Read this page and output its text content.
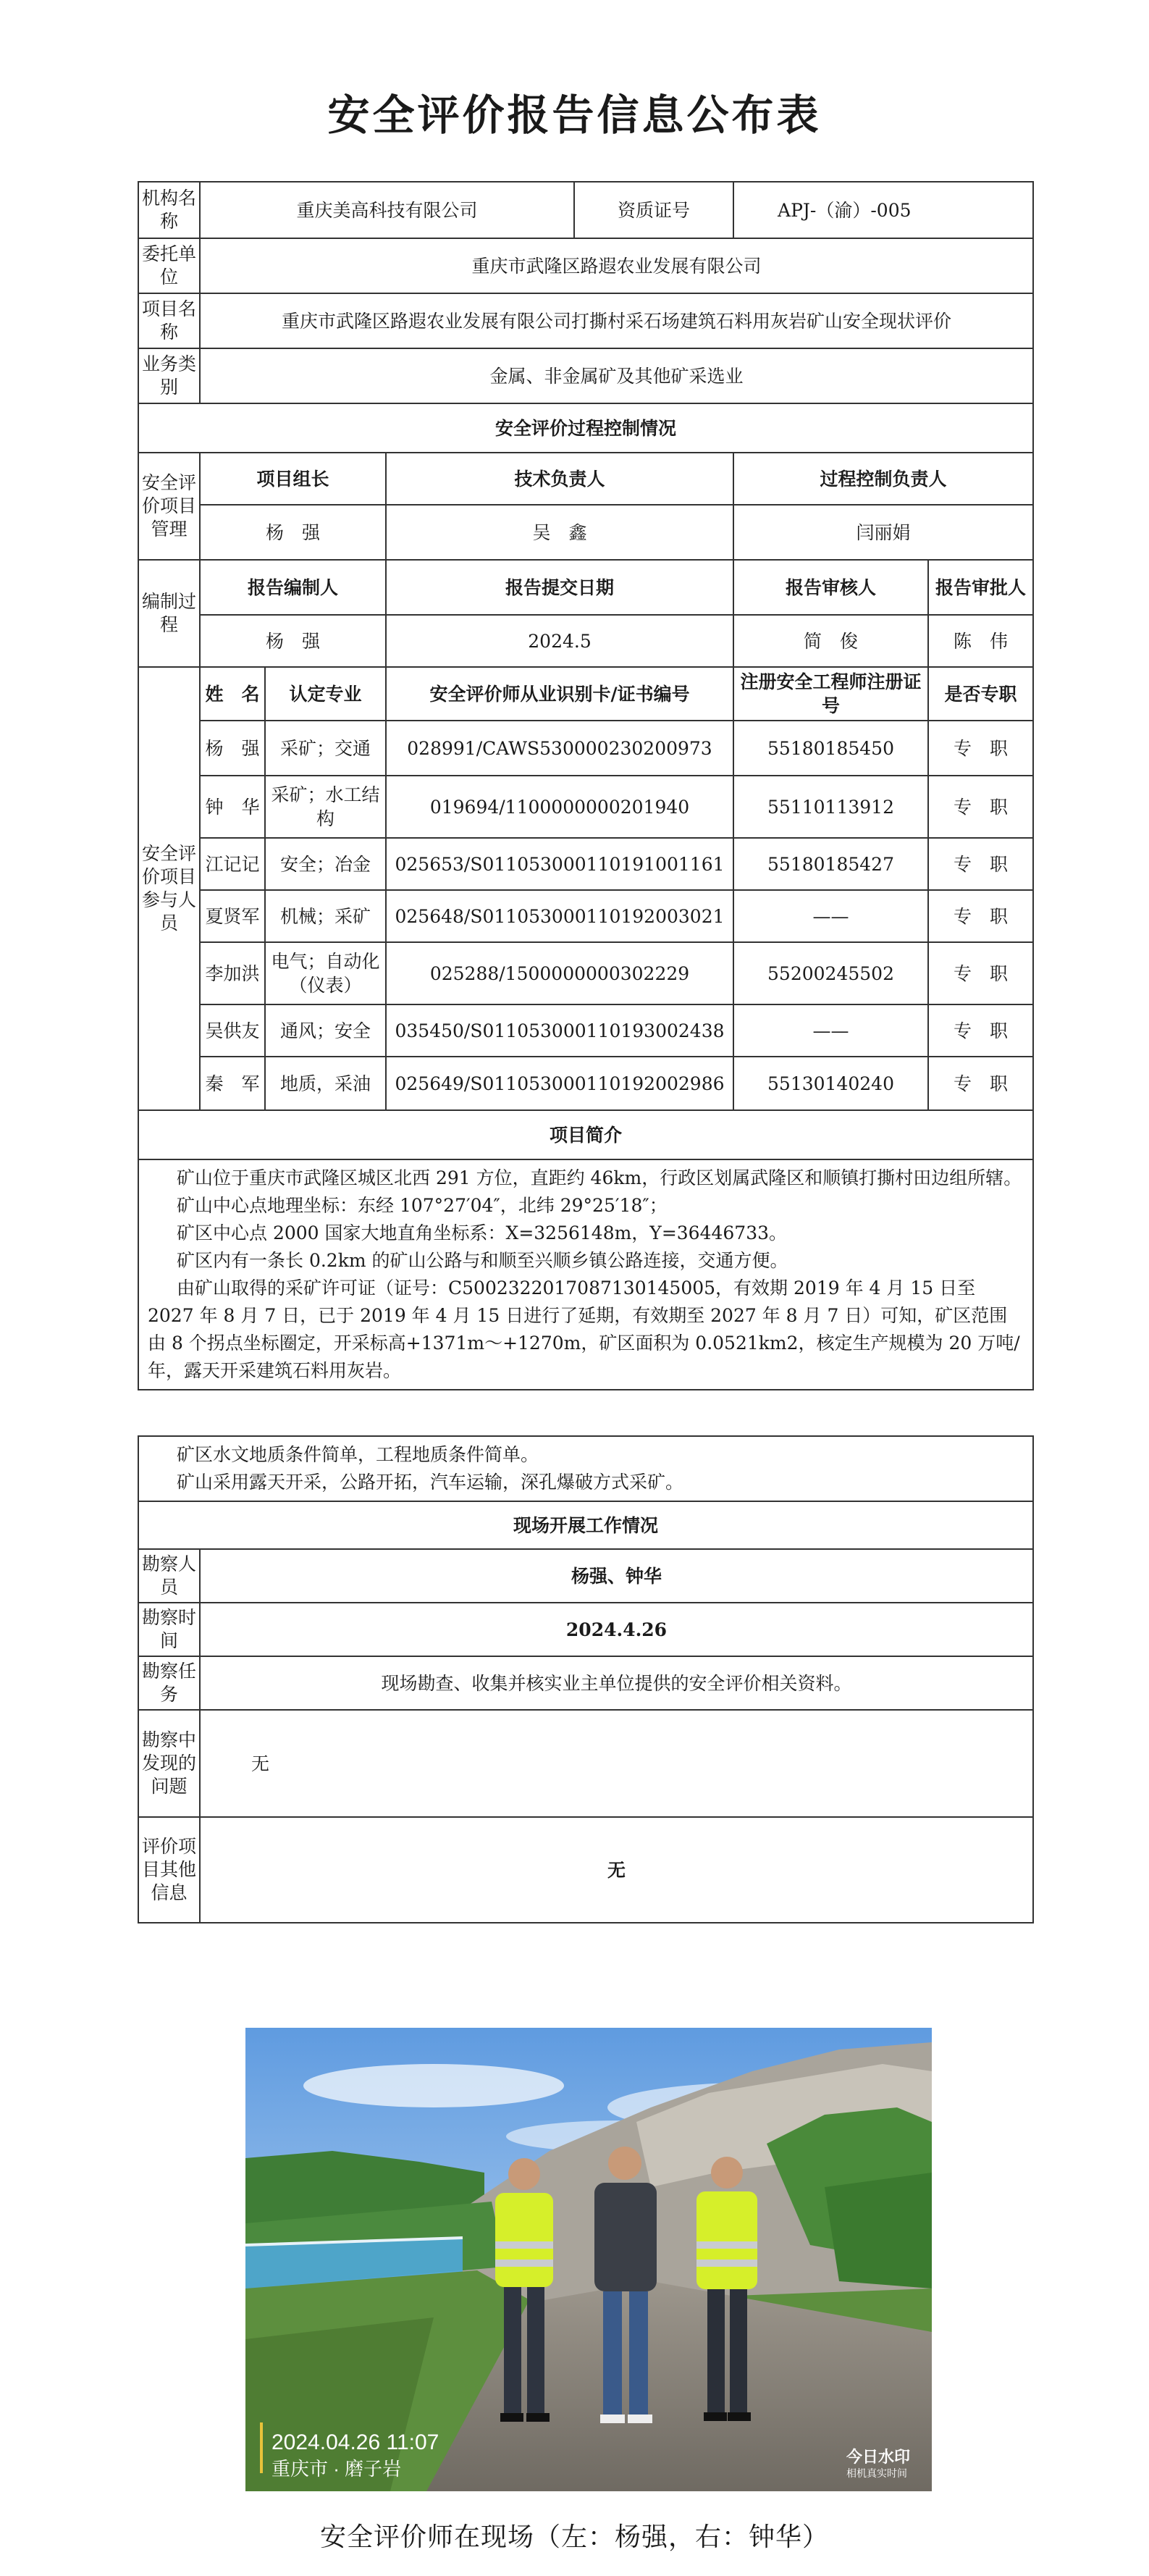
安全评价报告信息公布表
机构名称	重庆美高科技有限公司			资质证号	APJ-（渝）-005	
委托单位	重庆市武隆区路遐农业发展有限公司					
项目名称	重庆市武隆区路遐农业发展有限公司打撕村采石场建筑石料用灰岩矿山安全现状评价					
业务类别	金属、非金属矿及其他矿采选业					
安全评价过程控制情况						
安全评价项目管理	项目组长		技术负责人		过程控制负责人	
	杨　强		吴　鑫		闫丽娟	
编制过程	报告编制人		报告提交日期		报告审核人	报告审批人
	杨　强		2024.5		简　俊	陈　伟
安全评价项目参与人员	姓　名	认定专业	安全评价师从业识别卡/证书编号		注册安全工程师注册证号	是否专职
	杨　强	采矿；交通	028991/CAWS530000230200973		55180185450	专　职
	钟　华	采矿；水工结构	019694/1100000000201940		55110113912	专　职
	江记记	安全；冶金	025653/S011053000110191001161		55180185427	专　职
	夏贤军	机械；采矿	025648/S011053000110192003021		——	专　职
	李加洪	电气；自动化（仪表）	025288/1500000000302229		55200245502	专　职
	吴供友	通风；安全	035450/S011053000110193002438		——	专　职
	秦　军	地质，采油	025649/S011053000110192002986		55130140240	专　职
项目简介						

矿山位于重庆市武隆区城区北西 291 方位，直距约 46km，行政区划属武隆区和顺镇打撕村田边组所辖。

矿山中心点地理坐标：东经 107°27′04″，北纬 29°25′18″；

矿区中心点 2000 国家大地直角坐标系：X=3256148m，Y=36446733。

矿区内有一条长 0.2km 的矿山公路与和顺至兴顺乡镇公路连接，交通方便。

由矿山取得的采矿许可证（证号：C5002322017087130145005，有效期 2019 年 4 月 15 日至 2027 年 8 月 7 日，已于 2019 年 4 月 15 日进行了延期，有效期至 2027 年 8 月 7 日）可知，矿区范围由 8 个拐点坐标圈定，开采标高+1371m～+1270m，矿区面积为 0.0521km2，核定生产规模为 20 万吨/年，露天开采建筑石料用灰岩。						

矿区水文地质条件简单，工程地质条件简单。

矿山采用露天开采，公路开拓，汽车运输，深孔爆破方式采矿。	

现场开展工作情况	
勘察人员	杨强、钟华
勘察时间	2024.4.26
勘察任务	现场勘查、收集并核实业主单位提供的安全评价相关资料。
勘察中发现的问题	无
评价项目其他信息	无
2024.04.26 11:07
重庆市 · 磨子岩
今日水印
相机真实时间
安全评价师在现场（左：杨强，右：钟华）
